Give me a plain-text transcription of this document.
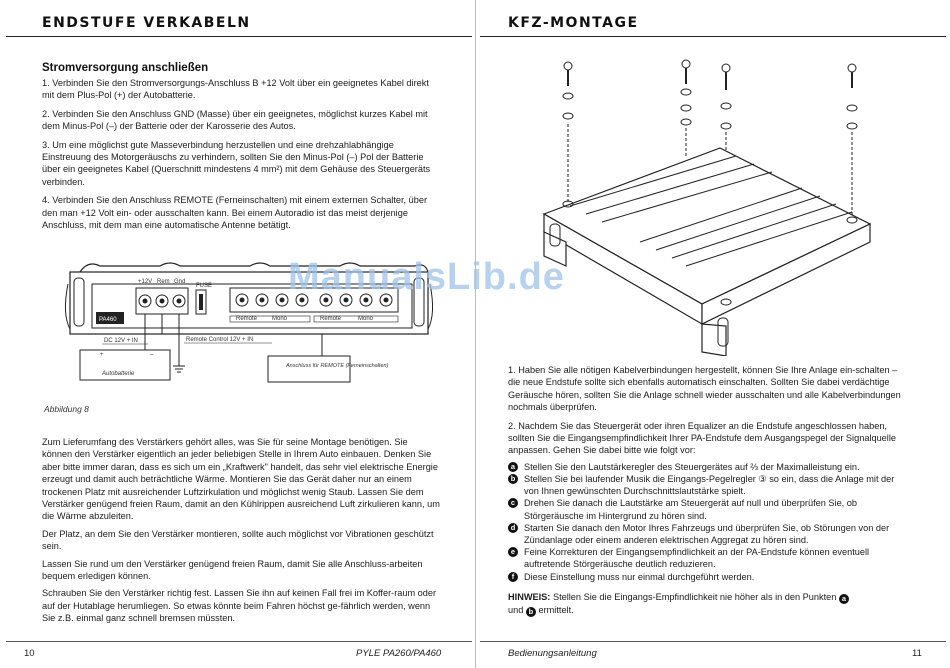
ENDSTUFE VERKABELN
Stromversorgung anschließen

1. Verbinden Sie den Stromversorgungs-Anschluss B +12 Volt über ein geeignetes Kabel direkt mit dem Plus-Pol (+) der Autobatterie.

2. Verbinden Sie den Anschluss GND (Masse) über ein geeignetes, möglichst kurzes Kabel mit dem Minus-Pol (–) der Batterie oder der Karosserie des Autos.

3. Um eine möglichst gute Masseverbindung herzustellen und eine drehzahlabhängige Einstreuung des Motorgeräuschs zu verhindern, sollten Sie den Minus-Pol (–) Pol der Batterie über ein geeignetes Kabel (Querschnitt mindestens 4 mm²) mit dem Gehäuse des Steuergeräts verbinden.

4. Verbinden Sie den Anschluss REMOTE (Ferneinschalten) mit einem externen Schalter, über den man +12 Volt ein- oder ausschalten kann. Bei einem Autoradio ist das meist derjenige Anschluss, mit dem man eine automatische Antenne betätigt.

PA460
+12V Rem Gnd
FUSE
Remote Mono	Remote	Mono
DC 12V + IN	Remote Control 12V + IN
+	–
Autobatterie
Anschluss für REMOTE (Ferneinschalten)
Abbildung 8

Zum Lieferumfang des Verstärkers gehört alles, was Sie für seine Montage benötigen. Sie können den Verstärker eigentlich an jeder beliebigen Stelle in Ihrem Auto einbauen. Denken Sie aber bitte immer daran, dass es sich um ein „Kraftwerk" handelt, das sehr viel elektrische Energie erzeugt und damit auch beträchtliche Wärme. Montieren Sie das Gerät daher nur an einem trockenen Platz mit ausreichender Luftzirkulation und möglichst wenig Staub. Lassen Sie dem Verstärker genügend freien Raum, damit an den Kühlrippen ausreichend Luft zirkulieren kann, um die Wärme abzuleiten.

Der Platz, an dem Sie den Verstärker montieren, sollte auch möglichst vor Vibrationen geschützt sein.

Lassen Sie rund um den Verstärker genügend freien Raum, damit Sie alle Anschluss-arbeiten bequem erledigen können.

Schrauben Sie den Verstärker richtig fest. Lassen Sie ihn auf keinen Fall frei im Koffer-raum oder auf der Hutablage herumliegen. So etwas könnte beim Fahren höchst ge-fährlich werden, wenn Sie z.B. einmal ganz schnell bremsen müssten.

10	PYLE PA260/PA460
KFZ-MONTAGE
ManualsLib.de

1. Haben Sie alle nötigen Kabelverbindungen hergestellt, können Sie Ihre Anlage ein-schalten – die neue Endstufe sollte sich ebenfalls automatisch einschalten. Sollten Sie dabei verdächtige Geräusche hören, sollten Sie die Anlage schnell wieder ausschalten und alle Kabelverbindungen nochmals überprüfen.

2. Nachdem Sie das Steuergerät oder ihren Equalizer an die Endstufe angeschlossen haben, sollten Sie die Eingangsempfindlichkeit Ihrer PA-Endstufe dem Ausgangspegel der Signalquelle anpassen. Gehen Sie dabei bitte wie folgt vor:

a Stellen Sie den Lautstärkeregler des Steuergerätes auf ⅔ der Maximalleistung ein.
b Stellen Sie bei laufender Musik die Eingangs-Pegelregler ③ so ein, dass die Anlage mit der von Ihnen gewünschten Durchschnittslautstärke spielt.
c Drehen Sie danach die Lautstärke am Steuergerät auf null und überprüfen Sie, ob Störgeräusche im Hintergrund zu hören sind.
d Starten Sie danach den Motor Ihres Fahrzeugs und überprüfen Sie, ob Störungen von der Zündanlage oder einem anderen elektrischen Aggregat zu hören sind.
e Feine Korrekturen der Eingangsempfindlichkeit an der PA-Endstufe können eventuell auftretende Störgeräusche deutlich reduzieren.
f	Diese Einstellung muss nur einmal durchgeführt werden.

HINWEIS: Stellen Sie die Eingangs-Empfindlichkeit nie höher als in den Punkten a
und b ermittelt.

Bedienungsanleitung	11
